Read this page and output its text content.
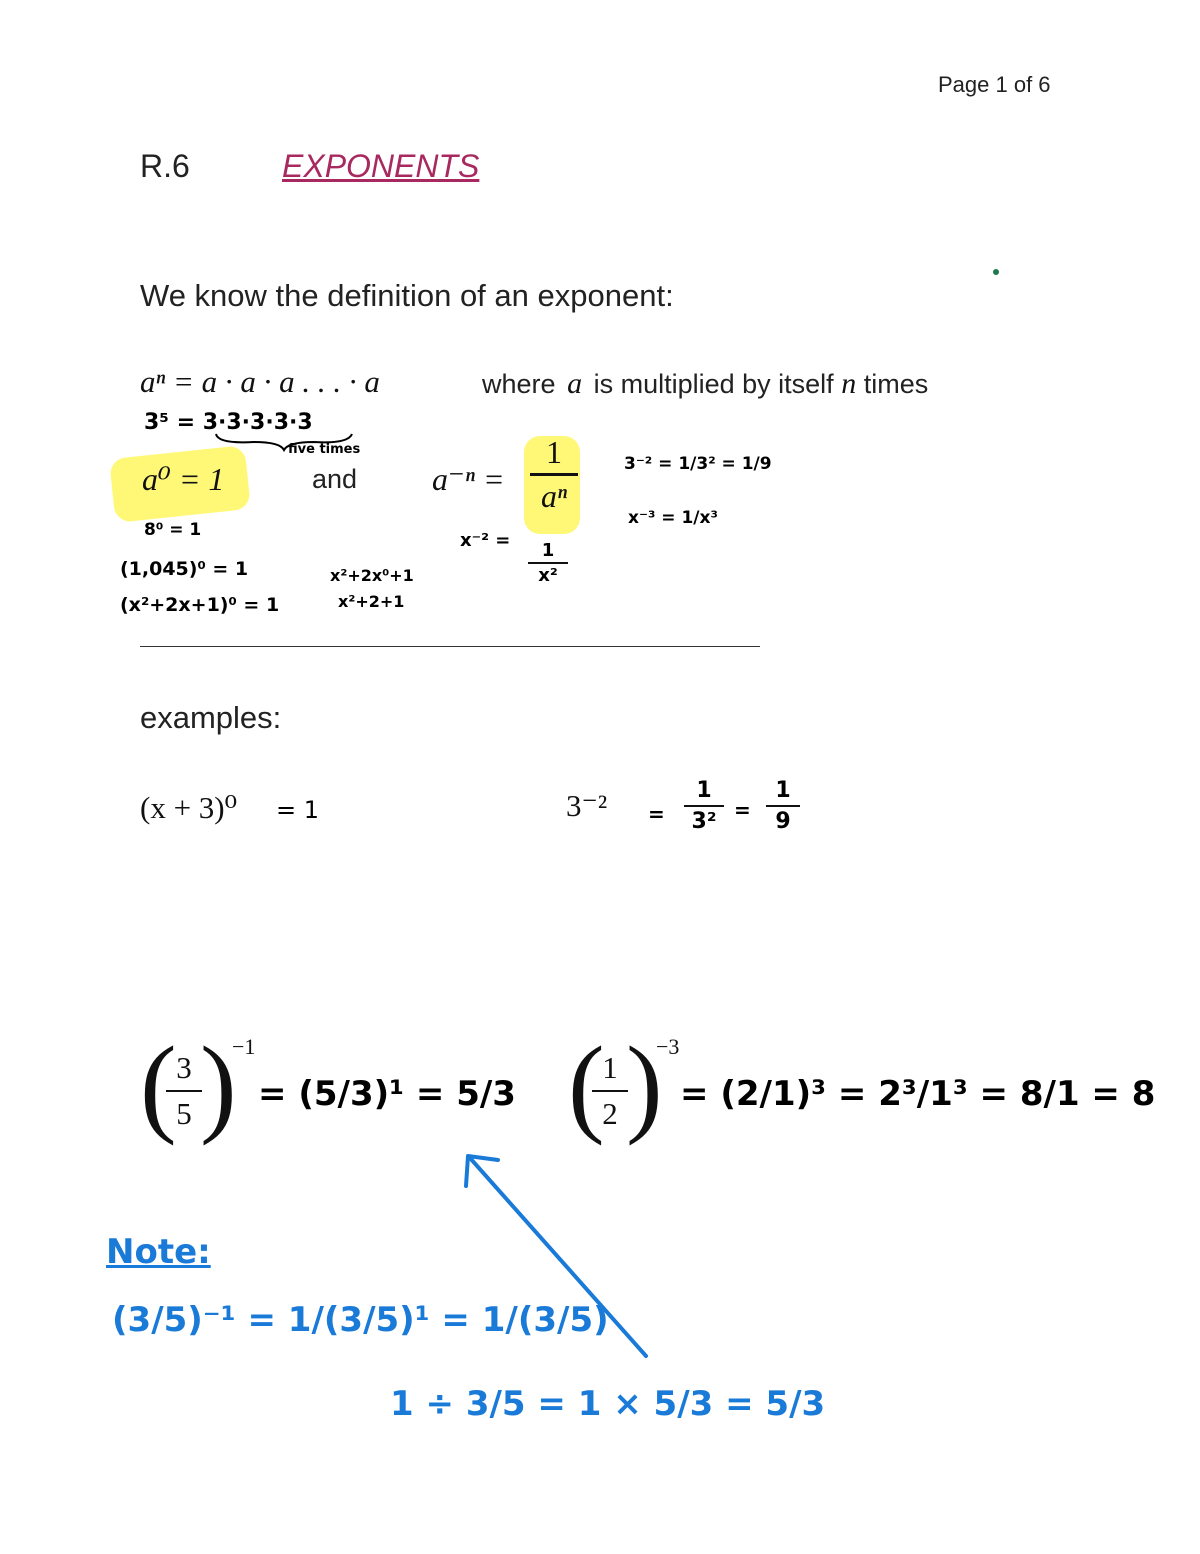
Page 1 of 6
R.6	EXPONENTS
We know the definition of an exponent:
aⁿ = a · a · a . . . · a	where a is multiplied by itself n times
3⁵ = 3·3·3·3·3
five times
a⁰ = 1	and a⁻ⁿ =
1
aⁿ
3⁻² = 1/3² = 1/9
x⁻³ = 1/x³
8⁰ = 1
(1,045)⁰ = 1
(x²+2x+1)⁰ = 1
x²+2x⁰+1
x²+2+1
x⁻² =	1
x²
examples:
(x + 3)⁰ = 1	3⁻² =
1
3² =
1
9
( 3
5 )
−1
= (5/3)¹ = 5/3 (
1
2 )
−3
= (2/1)³ = 2³/1³ = 8/1 = 8
Note:
(3/5)⁻¹ = 1/(3/5)¹ = 1/(3/5)
1 ÷ 3/5 = 1 × 5/3 = 5/3
